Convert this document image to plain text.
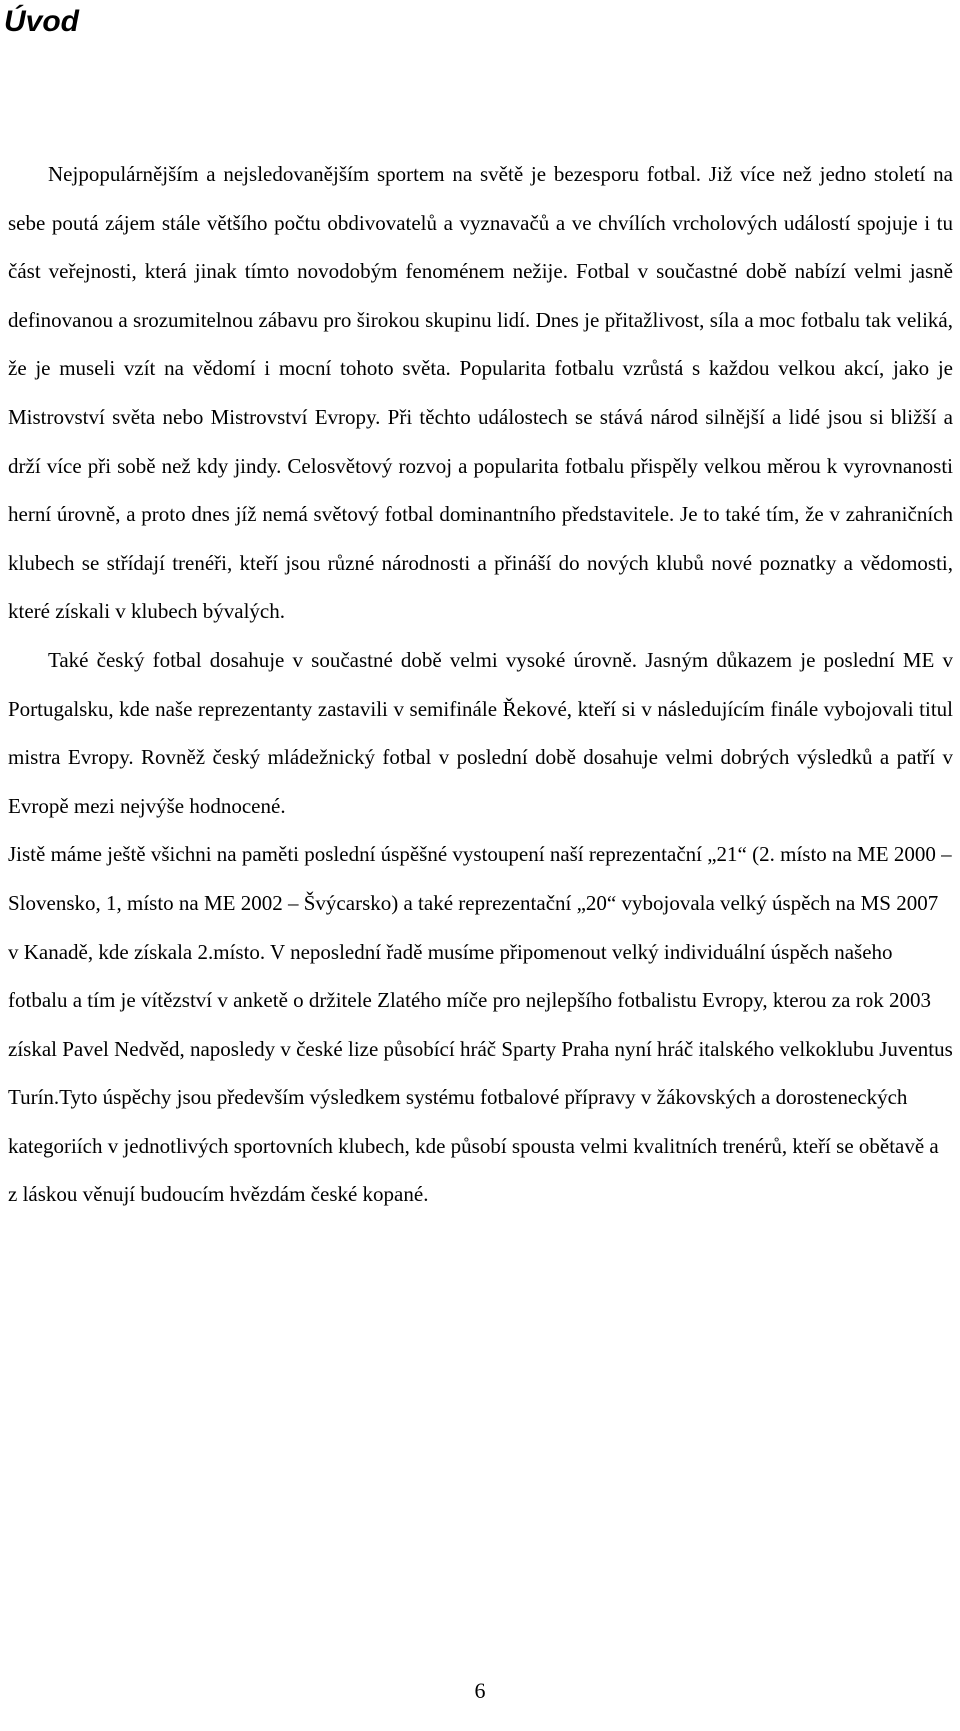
Úvod

Nejpopulárnějším a nejsledovanějším sportem na světě je bezesporu fotbal. Již více než jedno století na sebe poutá zájem stále většího počtu obdivovatelů a vyznavačů a ve chvílích vrcholových událostí spojuje i tu část veřejnosti, která jinak tímto novodobým fenoménem nežije. Fotbal v součastné době nabízí velmi jasně definovanou a srozumitelnou zábavu pro širokou skupinu lidí. Dnes je přitažlivost, síla a moc fotbalu tak veliká, že je museli vzít na vědomí i mocní tohoto světa. Popularita fotbalu vzrůstá s každou velkou akcí, jako je Mistrovství světa nebo Mistrovství Evropy. Při těchto událostech se stává národ silnější a lidé jsou si bližší a drží více při sobě než kdy jindy. Celosvětový rozvoj a popularita fotbalu přispěly velkou měrou k vyrovnanosti herní úrovně, a proto dnes jíž nemá světový fotbal dominantního představitele. Je to také tím, že v zahraničních klubech se střídají trenéři, kteří jsou různé národnosti a přináší do nových klubů nové poznatky a vědomosti, které získali v klubech bývalých.

Také český fotbal dosahuje v součastné době velmi vysoké úrovně. Jasným důkazem je poslední ME v Portugalsku, kde naše reprezentanty zastavili v semifinále Řekové, kteří si v následujícím finále vybojovali titul mistra Evropy. Rovněž český mládežnický fotbal v poslední době dosahuje velmi dobrých výsledků a patří v Evropě mezi nejvýše hodnocené.

Jistě máme ještě všichni na paměti poslední úspěšné vystoupení naší reprezentační „21“ (2. místo na ME 2000 – Slovensko, 1, místo na ME 2002 – Švýcarsko) a také reprezentační „20“ vybojovala velký úspěch na MS 2007 v Kanadě, kde získala 2.místo. V neposlední řadě musíme připomenout velký individuální úspěch našeho fotbalu a tím je vítězství v anketě o držitele Zlatého míče pro nejlepšího fotbalistu Evropy, kterou za rok 2003 získal Pavel Nedvěd, naposledy v české lize působící hráč Sparty Praha nyní hráč italského velkoklubu Juventus Turín.Tyto úspěchy jsou především výsledkem systému fotbalové přípravy v žákovských a dorosteneckých kategoriích v jednotlivých sportovních klubech, kde působí spousta velmi kvalitních trenérů, kteří se obětavě a z láskou věnují budoucím hvězdám české kopané.

6
